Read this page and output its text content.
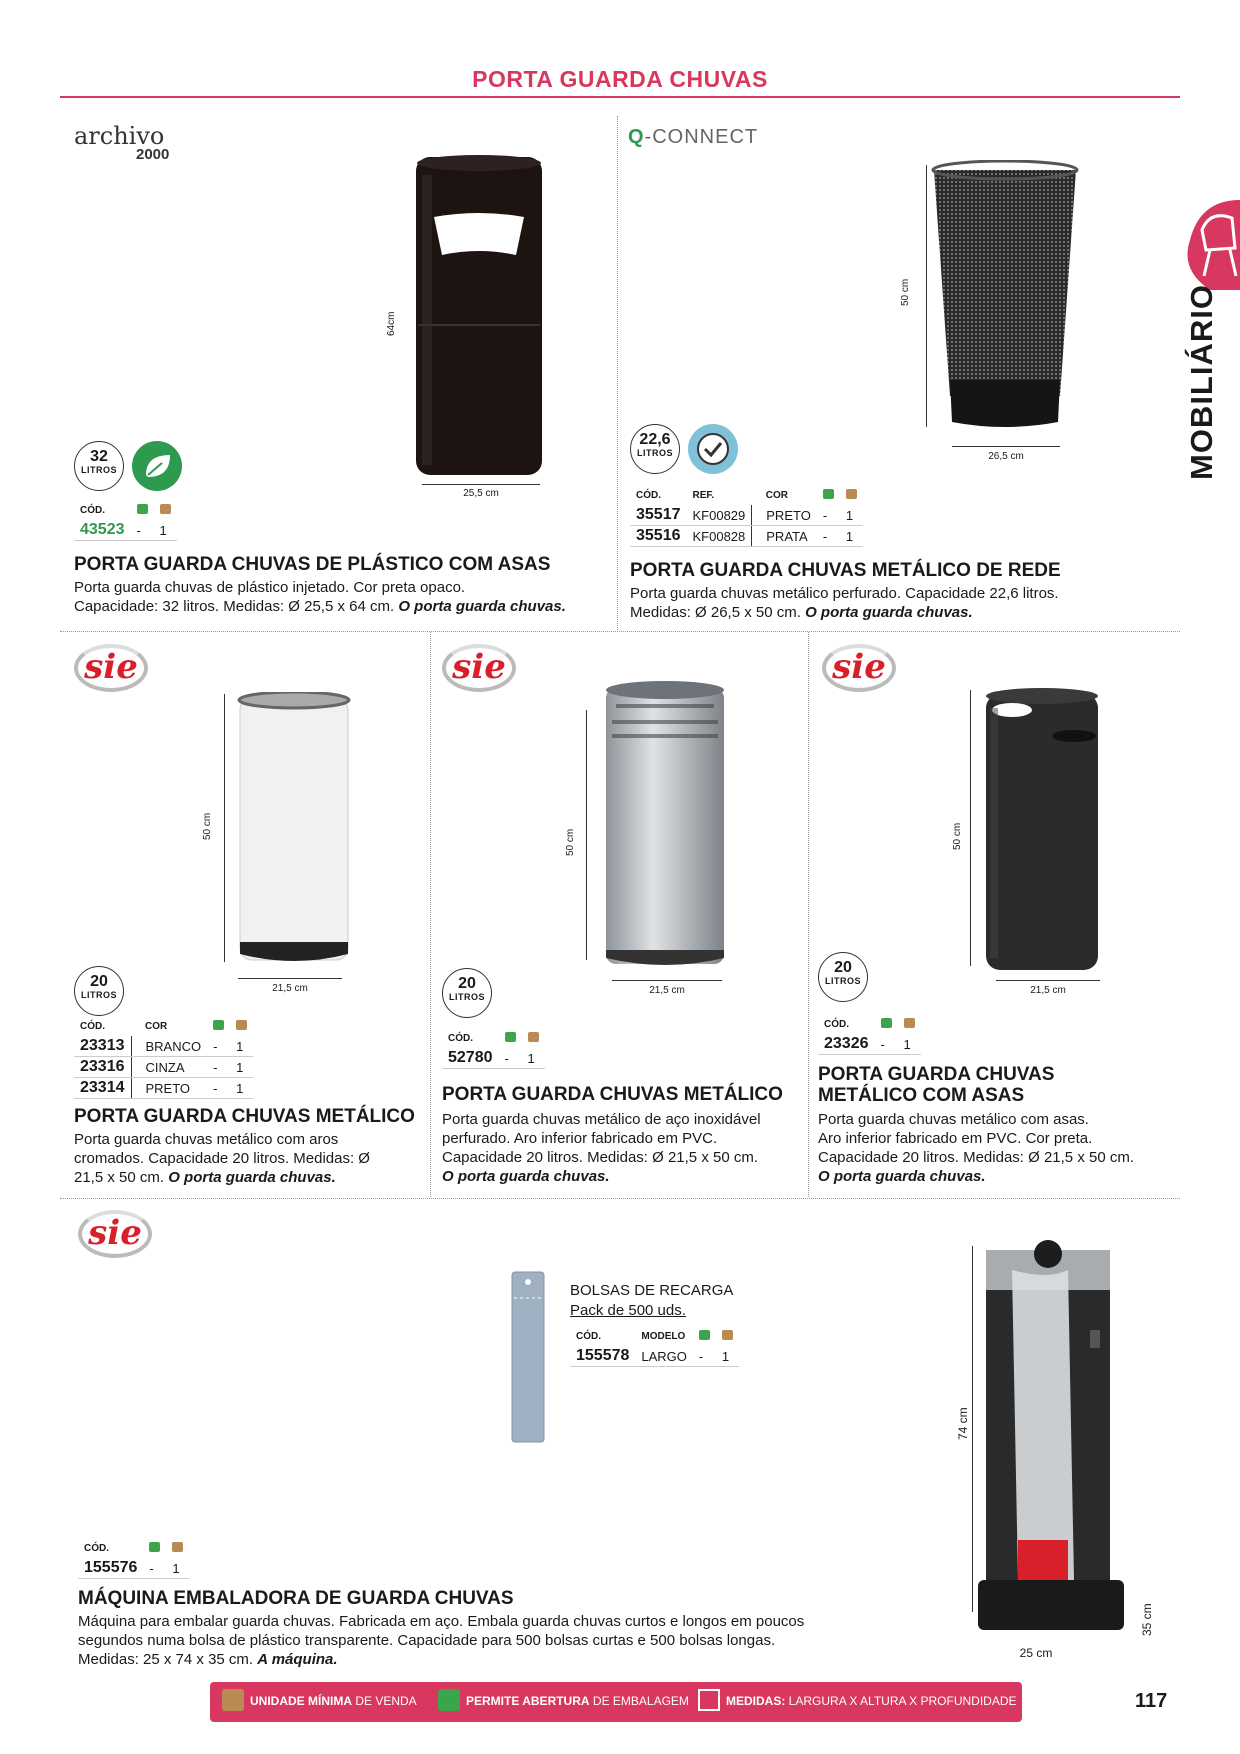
PORTA GUARDA CHUVAS
MOBILIÁRIO
archivo
2000
64cm
25,5 cm
32
LITROS
CÓD.		
43523	-	1
PORTA GUARDA CHUVAS DE PLÁSTICO COM ASAS
Porta guarda chuvas de plástico injetado. Cor preta opaco.
Capacidade: 32 litros. Medidas: Ø 25,5 x 64 cm. O porta guarda chuvas.
Q-CONNECT
50 cm
26,5 cm
22,6
LITROS
CÓD.	REF.	COR		
35517	KF00829	PRETO	-	1
35516	KF00828	PRATA	-	1
PORTA GUARDA CHUVAS METÁLICO DE REDE
Porta guarda chuvas metálico perfurado. Capacidade 22,6 litros.
Medidas: Ø 26,5 x 50 cm. O porta guarda chuvas.
sie
50 cm
21,5 cm
20
LITROS
CÓD.	COR		
23313	BRANCO	-	1
23316	CINZA	-	1
23314	PRETO	-	1
PORTA GUARDA CHUVAS METÁLICO
Porta guarda chuvas metálico com aros
cromados. Capacidade 20 litros. Medidas: Ø
21,5 x 50 cm. O porta guarda chuvas.
sie
50 cm
21,5 cm
20
LITROS
CÓD.		
52780	-	1
PORTA GUARDA CHUVAS METÁLICO
Porta guarda chuvas metálico de aço inoxidável
perfurado. Aro inferior fabricado em PVC.
Capacidade 20 litros. Medidas: Ø 21,5 x 50 cm.
O porta guarda chuvas.
sie
50 cm
21,5 cm
20
LITROS
CÓD.		
23326	-	1
PORTA GUARDA CHUVAS
METÁLICO COM ASAS
Porta guarda chuvas metálico com asas.
Aro inferior fabricado em PVC. Cor preta.
Capacidade 20 litros. Medidas: Ø 21,5 x 50 cm.
O porta guarda chuvas.
sie
BOLSAS DE RECARGA
Pack de 500 uds.
CÓD.	MODELO		
155578	LARGO	-	1
74 cm
25 cm
35 cm
CÓD.		
155576	-	1
MÁQUINA EMBALADORA DE GUARDA CHUVAS
Máquina para embalar guarda chuvas. Fabricada em aço. Embala guarda chuvas curtos e longos em poucos
segundos numa bolsa de plástico transparente. Capacidade para 500 bolsas curtas e 500 bolsas longas.
Medidas: 25 x 74 x 35 cm. A máquina.
UNIDADE MÍNIMA DE VENDA	PERMITE ABERTURA DE EMBALAGEM	MEDIDAS: LARGURA X ALTURA X PROFUNDIDADE	117
